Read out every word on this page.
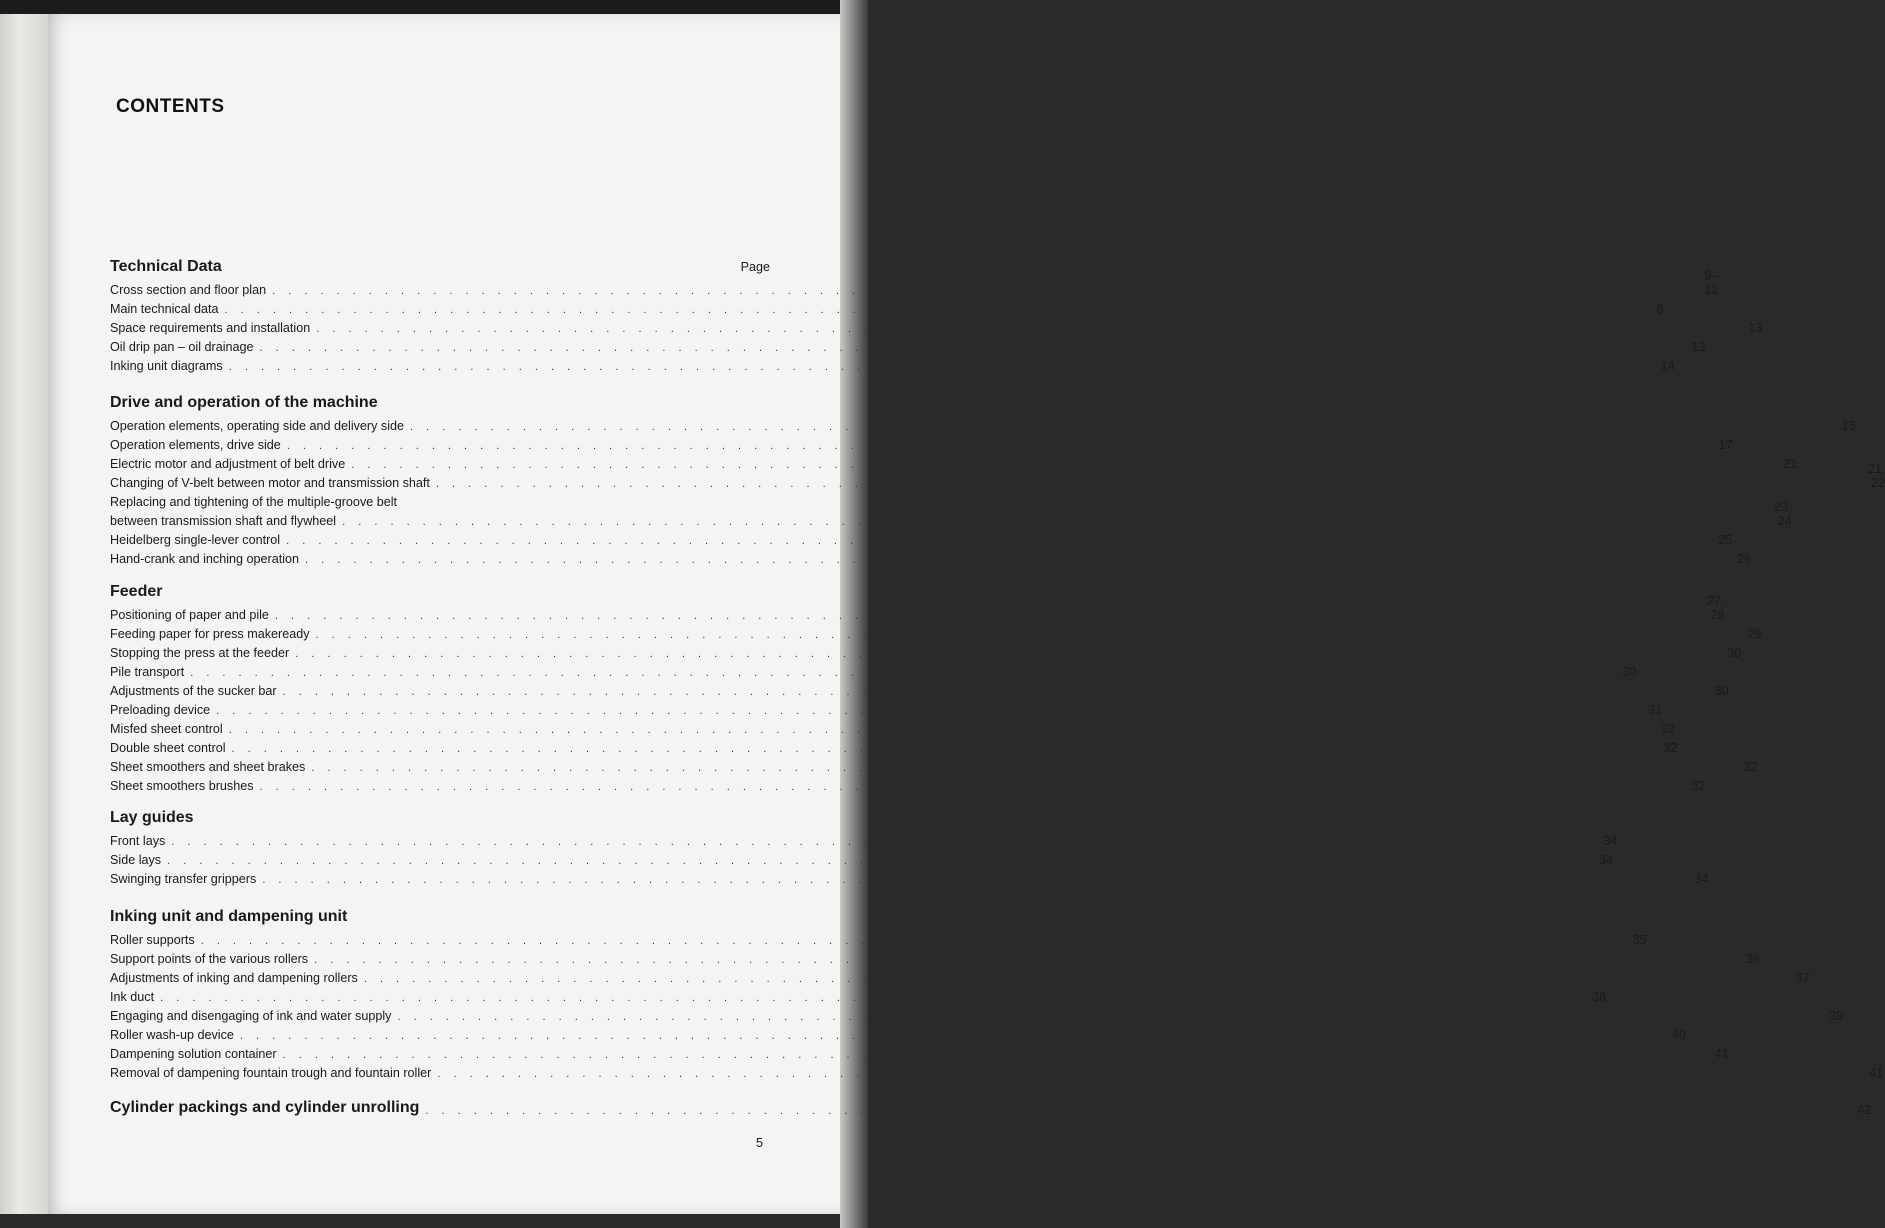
CONTENTS
Technical Data	Page
Cross section and floor plan . . . . . . . . . . . . . . . . . . . . . . . . . . . . . . . . . . . . . . . . . . . . . . . . . . . . . . . . . . . . . . . . . . . . . . . . . . . . . . . . . . . . . . . . .
9–12
Main technical data . . . . . . . . . . . . . . . . . . . . . . . . . . . . . . . . . . . . . . . . . . . . . . . . . . . . . . . . . . . . . . . . . . . . . . . . . . . . . . . . . . . . . . . . . 8
Space requirements and installation . . . . . . . . . . . . . . . . . . . . . . . . . . . . . . . . . . . . . . . . . . . . . . . . . . . . . . . . . . . . . . . . . . . . . . . . . . . . . . . . . . . . . . . . . 13
Oil drip pan – oil drainage . . . . . . . . . . . . . . . . . . . . . . . . . . . . . . . . . . . . . . . . . . . . . . . . . . . . . . . . . . . . . . . . . . . . . . . . . . . . . . . . . . . . . . . . . 13
Inking unit diagrams . . . . . . . . . . . . . . . . . . . . . . . . . . . . . . . . . . . . . . . . . . . . . . . . . . . . . . . . . . . . . . . . . . . . . . . . . . . . . . . . . . . . . . . . . 14
Drive and operation of the machine
Operation elements, operating side and delivery side . . . . . . . . . . . . . . . . . . . . . . . . . . . . . . . . . . . . . . . . . . . . . . . . . . . . . . . . . . . . . . . . . . . . . . . . . . . . . . . . . . . . . . . . . 15
Operation elements, drive side . . . . . . . . . . . . . . . . . . . . . . . . . . . . . . . . . . . . . . . . . . . . . . . . . . . . . . . . . . . . . . . . . . . . . . . . . . . . . . . . . . . . . . . . . 17
Electric motor and adjustment of belt drive . . . . . . . . . . . . . . . . . . . . . . . . . . . . . . . . . . . . . . . . . . . . . . . . . . . . . . . . . . . . . . . . . . . . . . . . . . . . . . . . . . . . . . . . . 21
Changing of V-belt between motor and transmission shaft . . . . . . . . . . . . . . . . . . . . . . . . . . . . . . . . . . . . . . . . . . . . . . . . . . . . . . . . . . . . . . . . . . . . . . . . . . . . . . . . . . . . . . . . .
21, 22
Replacing and tightening of the multiple-groove belt
between transmission shaft and flywheel . . . . . . . . . . . . . . . . . . . . . . . . . . . . . . . . . . . . . . . . . . . . . . . . . . . . . . . . . . . . . . . . . . . . . . . . . . . . . . . . . . . . . . . . .
23, 24
Heidelberg single-lever control . . . . . . . . . . . . . . . . . . . . . . . . . . . . . . . . . . . . . . . . . . . . . . . . . . . . . . . . . . . . . . . . . . . . . . . . . . . . . . . . . . . . . . . . . 25
Hand-crank and inching operation . . . . . . . . . . . . . . . . . . . . . . . . . . . . . . . . . . . . . . . . . . . . . . . . . . . . . . . . . . . . . . . . . . . . . . . . . . . . . . . . . . . . . . . . . 26
Feeder
Positioning of paper and pile . . . . . . . . . . . . . . . . . . . . . . . . . . . . . . . . . . . . . . . . . . . . . . . . . . . . . . . . . . . . . . . . . . . . . . . . . . . . . . . . . . . . . . . . .
27, 28
Feeding paper for press makeready . . . . . . . . . . . . . . . . . . . . . . . . . . . . . . . . . . . . . . . . . . . . . . . . . . . . . . . . . . . . . . . . . . . . . . . . . . . . . . . . . . . . . . . . . 29
Stopping the press at the feeder . . . . . . . . . . . . . . . . . . . . . . . . . . . . . . . . . . . . . . . . . . . . . . . . . . . . . . . . . . . . . . . . . . . . . . . . . . . . . . . . . . . . . . . . . 30
Pile transport . . . . . . . . . . . . . . . . . . . . . . . . . . . . . . . . . . . . . . . . . . . . . . . . . . . . . . . . . . . . . . . . . . . . . . . . . . . . . . . . . . . . . . . . . 30
Adjustments of the sucker bar . . . . . . . . . . . . . . . . . . . . . . . . . . . . . . . . . . . . . . . . . . . . . . . . . . . . . . . . . . . . . . . . . . . . . . . . . . . . . . . . . . . . . . . . . 30
Preloading device . . . . . . . . . . . . . . . . . . . . . . . . . . . . . . . . . . . . . . . . . . . . . . . . . . . . . . . . . . . . . . . . . . . . . . . . . . . . . . . . . . . . . . . . . 31
Misfed sheet control . . . . . . . . . . . . . . . . . . . . . . . . . . . . . . . . . . . . . . . . . . . . . . . . . . . . . . . . . . . . . . . . . . . . . . . . . . . . . . . . . . . . . . . . . 32
Double sheet control . . . . . . . . . . . . . . . . . . . . . . . . . . . . . . . . . . . . . . . . . . . . . . . . . . . . . . . . . . . . . . . . . . . . . . . . . . . . . . . . . . . . . . . . . 32
Sheet smoothers and sheet brakes . . . . . . . . . . . . . . . . . . . . . . . . . . . . . . . . . . . . . . . . . . . . . . . . . . . . . . . . . . . . . . . . . . . . . . . . . . . . . . . . . . . . . . . . . 32
Sheet smoothers brushes . . . . . . . . . . . . . . . . . . . . . . . . . . . . . . . . . . . . . . . . . . . . . . . . . . . . . . . . . . . . . . . . . . . . . . . . . . . . . . . . . . . . . . . . . 32
Lay guides
Front lays . . . . . . . . . . . . . . . . . . . . . . . . . . . . . . . . . . . . . . . . . . . . . . . . . . . . . . . . . . . . . . . . . . . . . . . . . . . . . . . . . . . . . . . . . 34
Side lays . . . . . . . . . . . . . . . . . . . . . . . . . . . . . . . . . . . . . . . . . . . . . . . . . . . . . . . . . . . . . . . . . . . . . . . . . . . . . . . . . . . . . . . . . 34
Swinging transfer grippers . . . . . . . . . . . . . . . . . . . . . . . . . . . . . . . . . . . . . . . . . . . . . . . . . . . . . . . . . . . . . . . . . . . . . . . . . . . . . . . . . . . . . . . . . 34
Inking unit and dampening unit
Roller supports . . . . . . . . . . . . . . . . . . . . . . . . . . . . . . . . . . . . . . . . . . . . . . . . . . . . . . . . . . . . . . . . . . . . . . . . . . . . . . . . . . . . . . . . . 35
Support points of the various rollers . . . . . . . . . . . . . . . . . . . . . . . . . . . . . . . . . . . . . . . . . . . . . . . . . . . . . . . . . . . . . . . . . . . . . . . . . . . . . . . . . . . . . . . . . 36
Adjustments of inking and dampening rollers . . . . . . . . . . . . . . . . . . . . . . . . . . . . . . . . . . . . . . . . . . . . . . . . . . . . . . . . . . . . . . . . . . . . . . . . . . . . . . . . . . . . . . . . . 37
Ink duct . . . . . . . . . . . . . . . . . . . . . . . . . . . . . . . . . . . . . . . . . . . . . . . . . . . . . . . . . . . . . . . . . . . . . . . . . . . . . . . . . . . . . . . . . 38
Engaging and disengaging of ink and water supply . . . . . . . . . . . . . . . . . . . . . . . . . . . . . . . . . . . . . . . . . . . . . . . . . . . . . . . . . . . . . . . . . . . . . . . . . . . . . . . . . . . . . . . . . 39
Roller wash-up device . . . . . . . . . . . . . . . . . . . . . . . . . . . . . . . . . . . . . . . . . . . . . . . . . . . . . . . . . . . . . . . . . . . . . . . . . . . . . . . . . . . . . . . . . 40
Dampening solution container . . . . . . . . . . . . . . . . . . . . . . . . . . . . . . . . . . . . . . . . . . . . . . . . . . . . . . . . . . . . . . . . . . . . . . . . . . . . . . . . . . . . . . . . . 41
Removal of dampening fountain trough and fountain roller . . . . . . . . . . . . . . . . . . . . . . . . . . . . . . . . . . . . . . . . . . . . . . . . . . . . . . . . . . . . . . . . . . . . . . . . . . . . . . . . . . . . . . . . . 41
Cylinder packings and cylinder unrolling . . . . . . . . . . . . . . . . . . . . . . . . . . . . . . . . . . . . . . . . . . . . . . . . . . . . . . . . . . . . . . . . . . . . . . . . . . . . . . . . . . . . . . . . . 42
5
